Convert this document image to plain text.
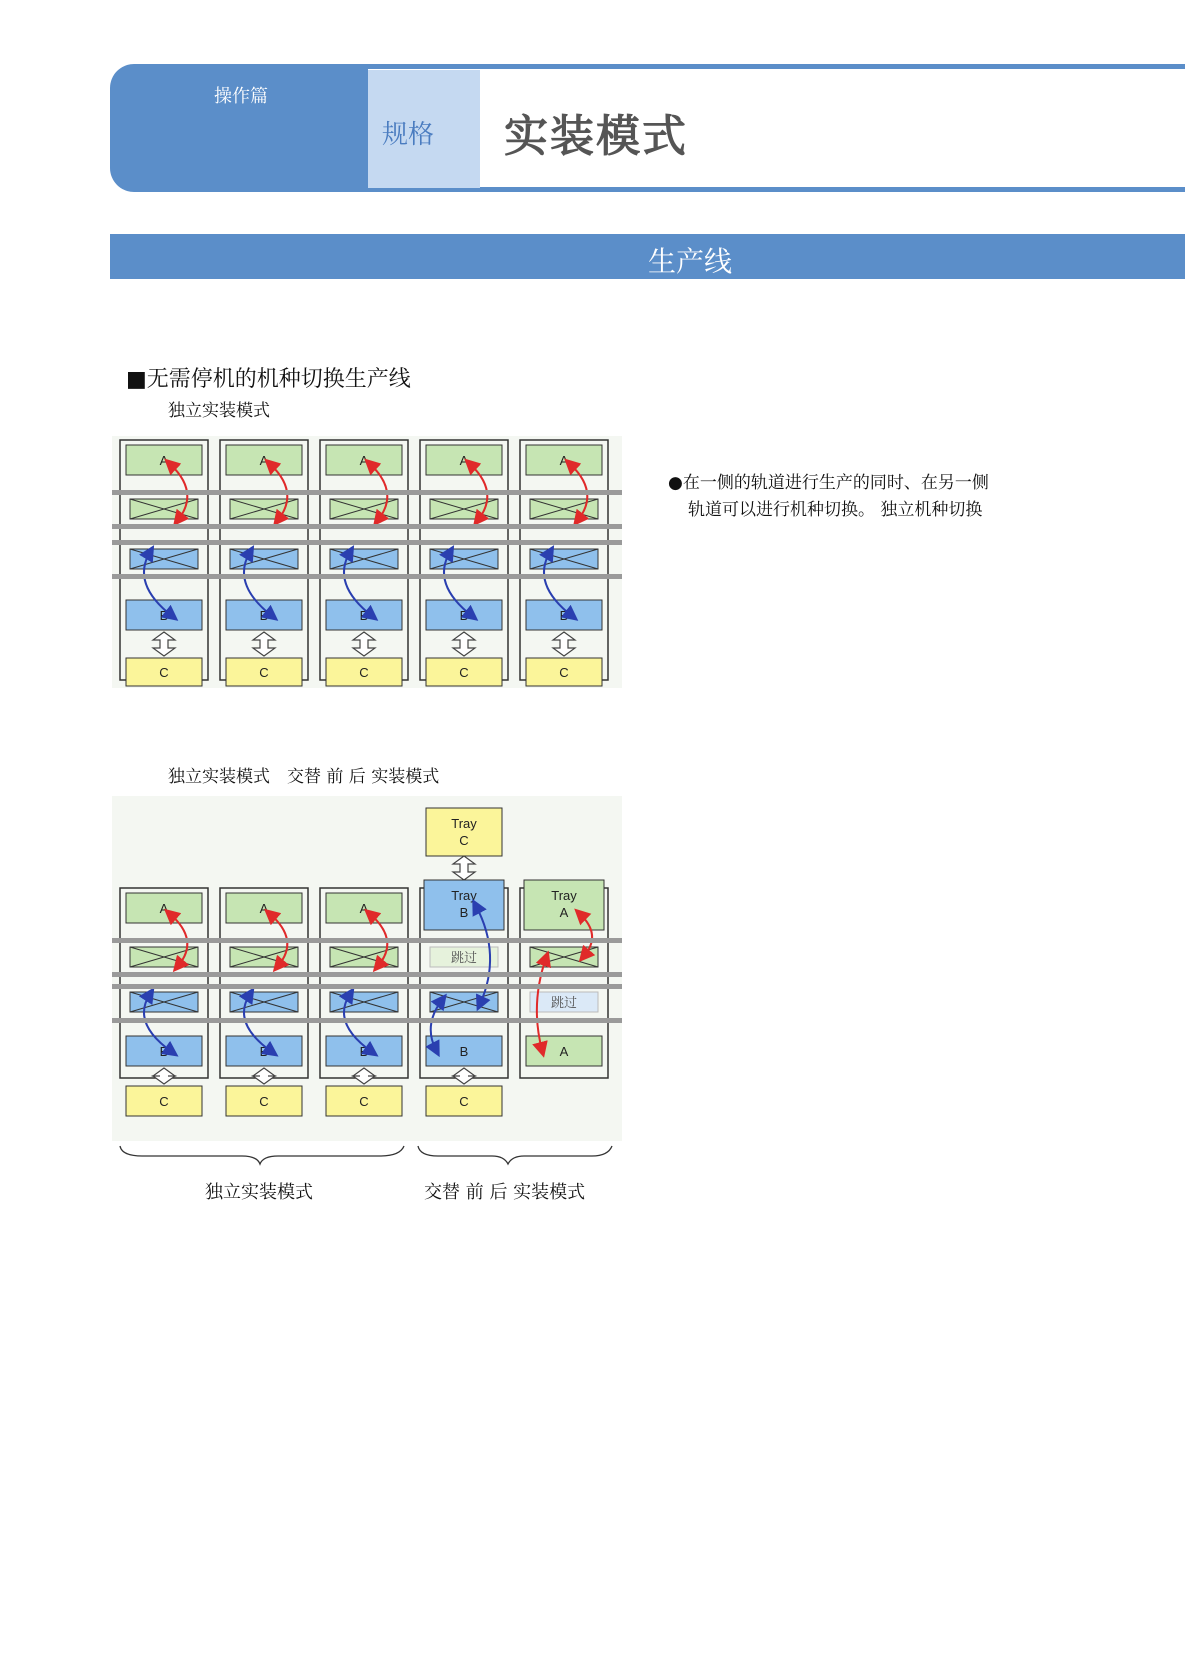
操作篇
规格 实装模式
生产线
■无需停机的机种切换生产线
独立实装模式
独立实装模式　交替 前 后 实装模式
●在一侧的轨道进行生产的同时、在另一侧
轨道可以进行机种切换。 独立机种切换
A
B
C
A
B
C
A
B
C
A
B
C
A
B
C
A
B
C
A
B
C
A
B
C
Tray
C
Tray
B
跳过
B
C
Tray
A
跳过
A
独立实装模式	交替 前 后 实装模式
